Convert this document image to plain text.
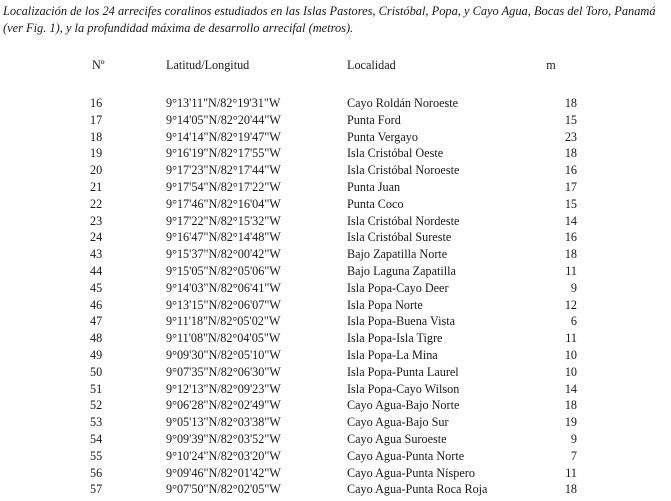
Localización de los 24 arrecifes coralinos estudiados en las Islas Pastores, Cristóbal, Popa, y Cayo Agua, Bocas del Toro, Panamá (ver Fig. 1), y la profundidad máxima de desarrollo arrecifal (metros).

Nº	Latitud/Longitud	Localidad	m

16	9°13'11"N/82°19'31"W	Cayo Roldán Noroeste	18
17	9°14'05"N/82°20'44"W	Punta Ford	15
18	9°14'14"N/82°19'47"W	Punta Vergayo	23
19	9°16'19"N/82°17'55"W	Isla Cristóbal Oeste	18
20	9°17'23"N/82°17'44"W	Isla Cristóbal Noroeste	16
21	9°17'54"N/82°17'22"W	Punta Juan	17
22	9°17'46"N/82°16'04"W	Punta Coco	15
23	9°17'22"N/82°15'32"W	Isla Cristóbal Nordeste	14
24	9°16'47"N/82°14'48"W	Isla Cristóbal Sureste	16
43	9°15'37"N/82°00'42"W	Bajo Zapatilla Norte	18
44	9°15'05"N/82°05'06"W	Bajo Laguna Zapatilla	11
45	9°14'03"N/82°06'41"W	Isla Popa-Cayo Deer	9
46	9°13'15"N/82°06'07"W	Isla Popa Norte	12
47	9°11'18"N/82°05'02"W	Isla Popa-Buena Vista	6
48	9°11'08"N/82°04'05"W	Isla Popa-Isla Tigre	11
49	9°09'30"N/82°05'10"W	Isla Popa-La Mina	10
50	9°07'35"N/82°06'30"W	Isla Popa-Punta Laurel	10
51	9°12'13"N/82°09'23"W	Isla Popa-Cayo Wilson	14
52	9°06'28"N/82°02'49"W	Cayo Agua-Bajo Norte	18
53	9°05'13"N/82°03'38"W	Cayo Agua-Bajo Sur	19
54	9°09'39"N/82°03'52"W	Cayo Agua Suroeste	9
55	9°10'24"N/82°03'20"W	Cayo Agua-Punta Norte	7
56	9°09'46"N/82°01'42"W	Cayo Agua-Punta Níspero	11
57	9°07'50"N/82°02'05"W	Cayo Agua-Punta Roca Roja	18
